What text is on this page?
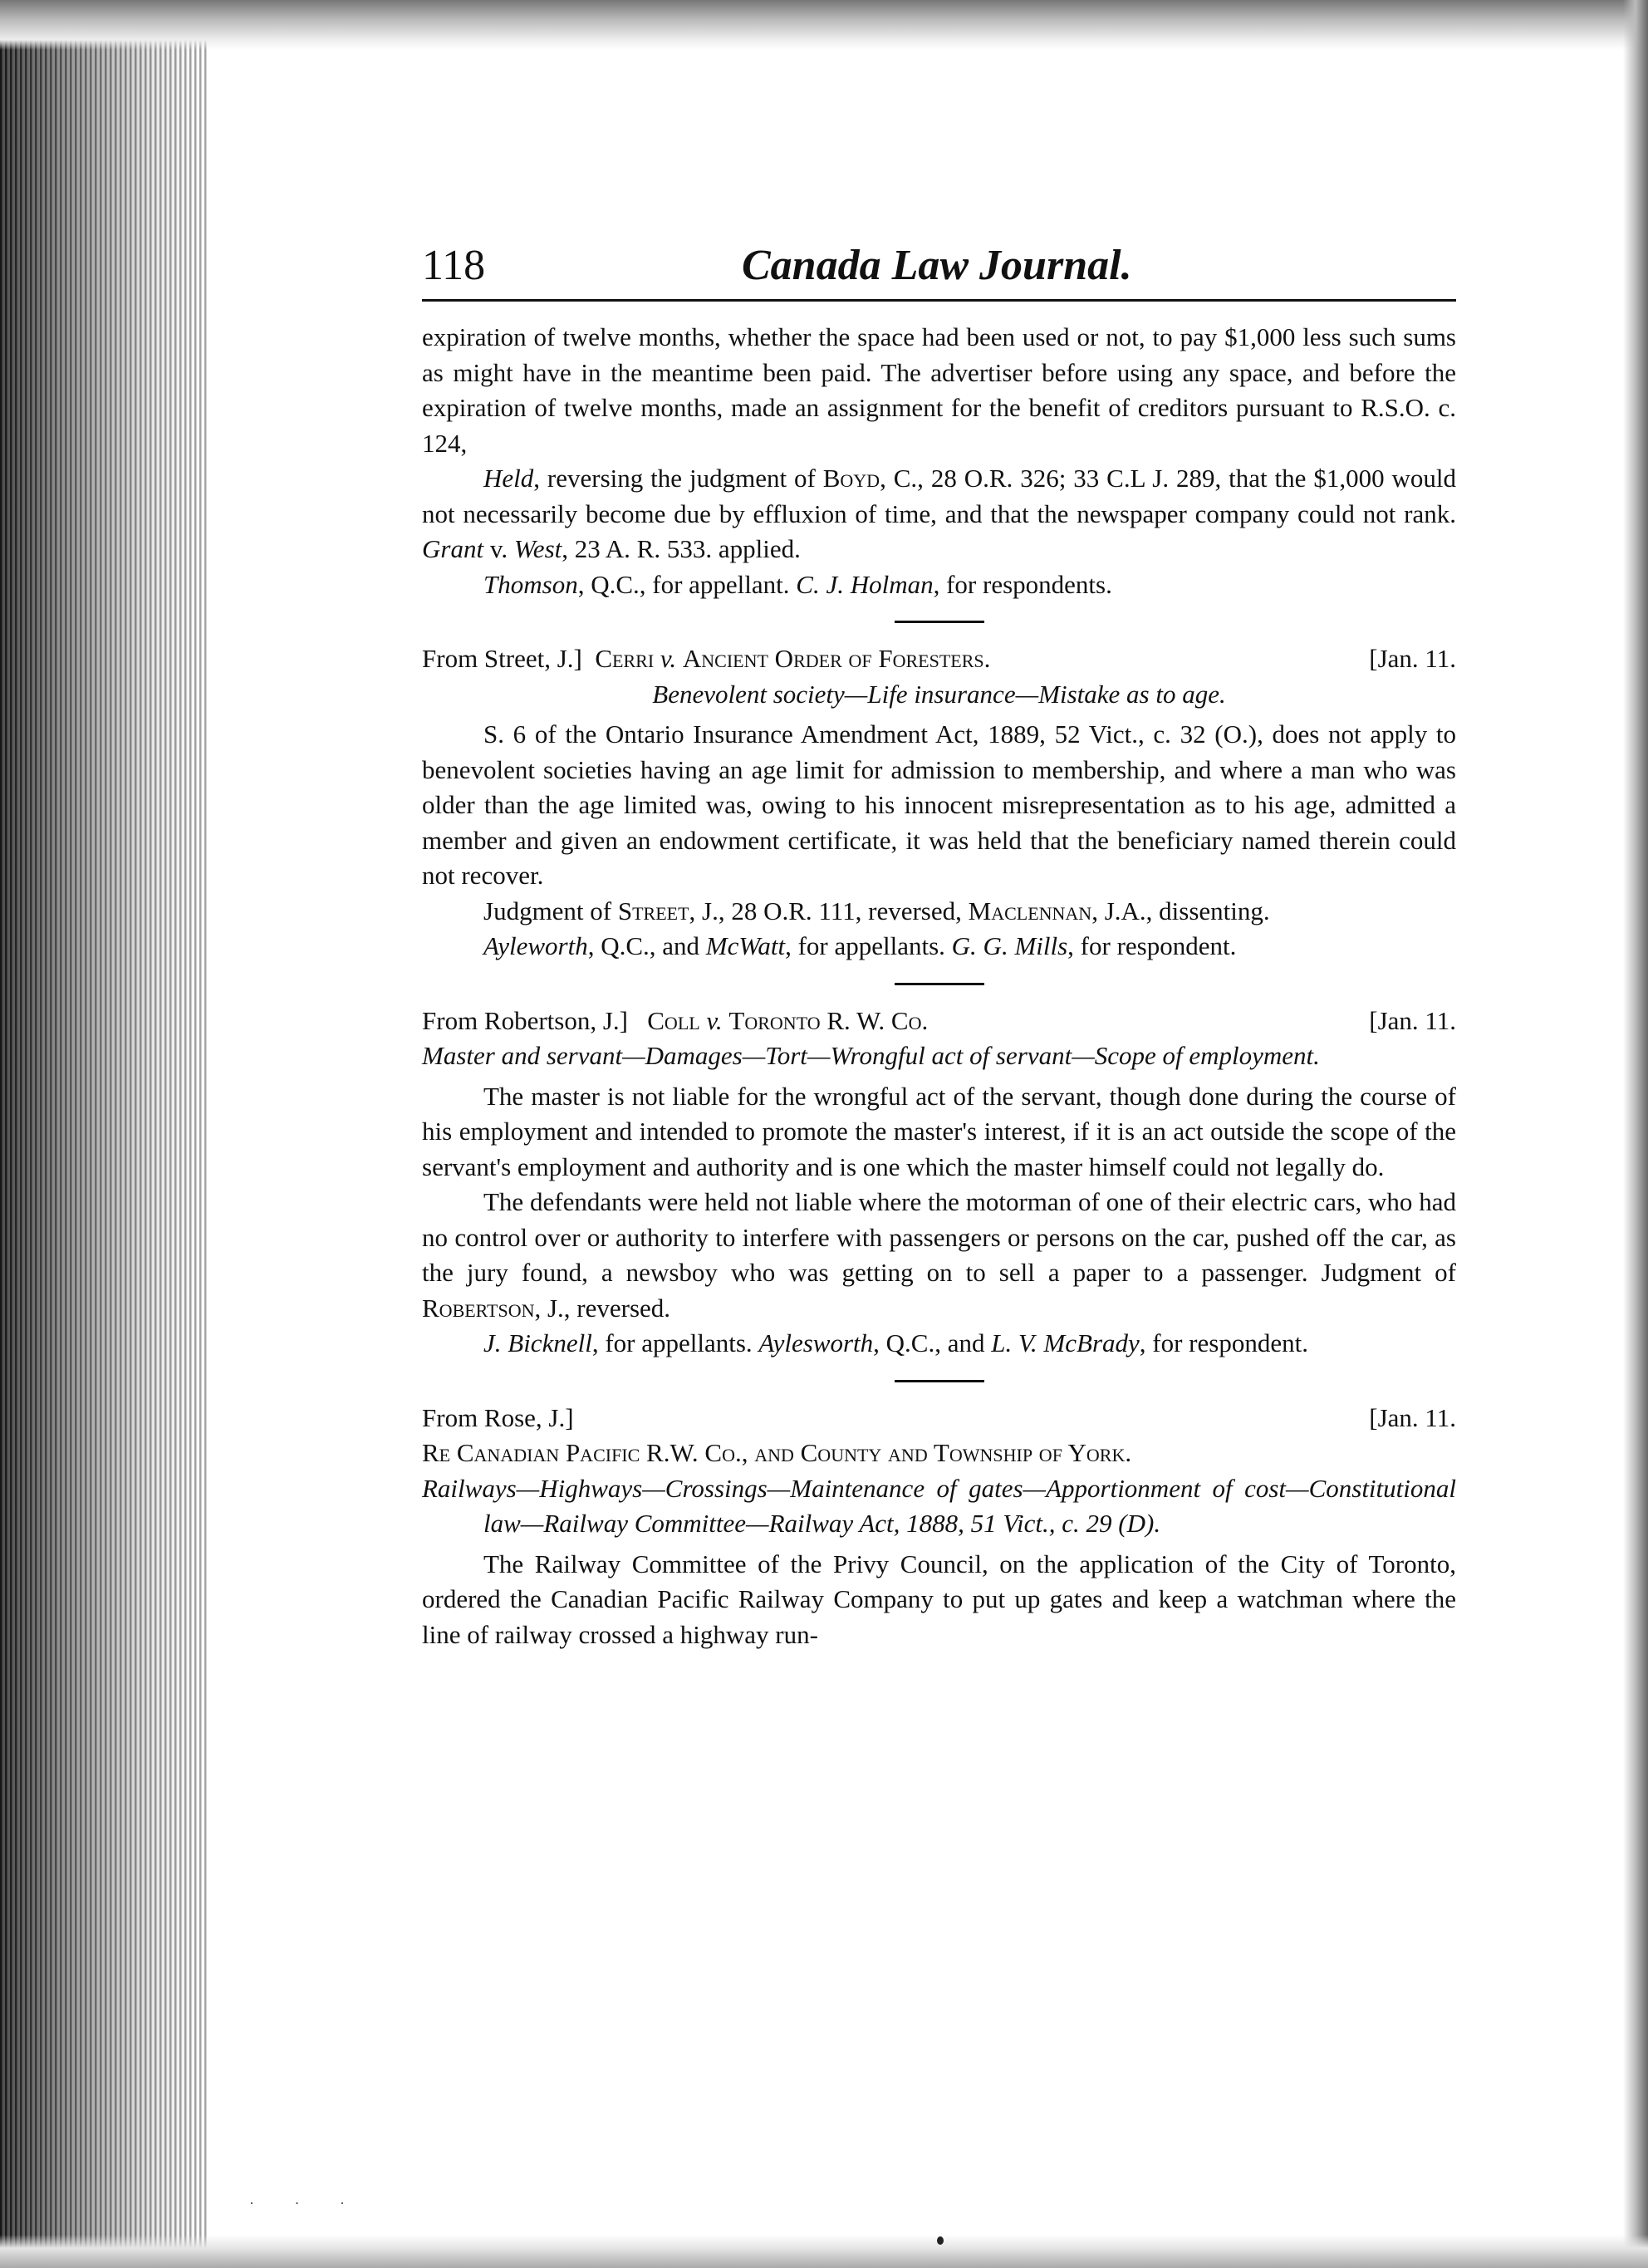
118	Canada Law Journal.

expiration of twelve months, whether the space had been used or not, to pay $1,000 less such sums as might have in the meantime been paid. The advertiser before using any space, and before the expiration of twelve months, made an assignment for the benefit of creditors pursuant to R.S.O. c. 124,

Held, reversing the judgment of Boyd, C., 28 O.R. 326; 33 C.L J. 289, that the $1,000 would not necessarily become due by effluxion of time, and that the newspaper company could not rank. Grant v. West, 23 A. R. 533. applied.

Thomson, Q.C., for appellant. C. J. Holman, for respondents.

From Street, J.] Cerri v. Ancient Order of Foresters.	[Jan. 11.

Benevolent society—Life insurance—Mistake as to age.

S. 6 of the Ontario Insurance Amendment Act, 1889, 52 Vict., c. 32 (O.), does not apply to benevolent societies having an age limit for admission to membership, and where a man who was older than the age limited was, owing to his innocent misrepresentation as to his age, admitted a member and given an endowment certificate, it was held that the beneficiary named therein could not recover.

Judgment of Street, J., 28 O.R. 111, reversed, Maclennan, J.A., dissenting.

Ayleworth, Q.C., and McWatt, for appellants. G. G. Mills, for respondent.

From Robertson, J.] Coll v. Toronto R. W. Co.	[Jan. 11.

Master and servant—Damages—Tort—Wrongful act of servant—Scope of employment.

The master is not liable for the wrongful act of the servant, though done during the course of his employment and intended to promote the master's interest, if it is an act outside the scope of the servant's employment and authority and is one which the master himself could not legally do.

The defendants were held not liable where the motorman of one of their electric cars, who had no control over or authority to interfere with passengers or persons on the car, pushed off the car, as the jury found, a newsboy who was getting on to sell a paper to a passenger. Judgment of Robertson, J., reversed.

J. Bicknell, for appellants. Aylesworth, Q.C., and L. V. McBrady, for respondent.

From Rose, J.]	[Jan. 11.

Re Canadian Pacific R.W. Co., and County and Township of York.

Railways—Highways—Crossings—Maintenance of gates—Apportionment of cost—Constitutional law—Railway Committee—Railway Act, 1888, 51 Vict., c. 29 (D).

The Railway Committee of the Privy Council, on the application of the City of Toronto, ordered the Canadian Pacific Railway Company to put up gates and keep a watchman where the line of railway crossed a highway run-

· · ·
